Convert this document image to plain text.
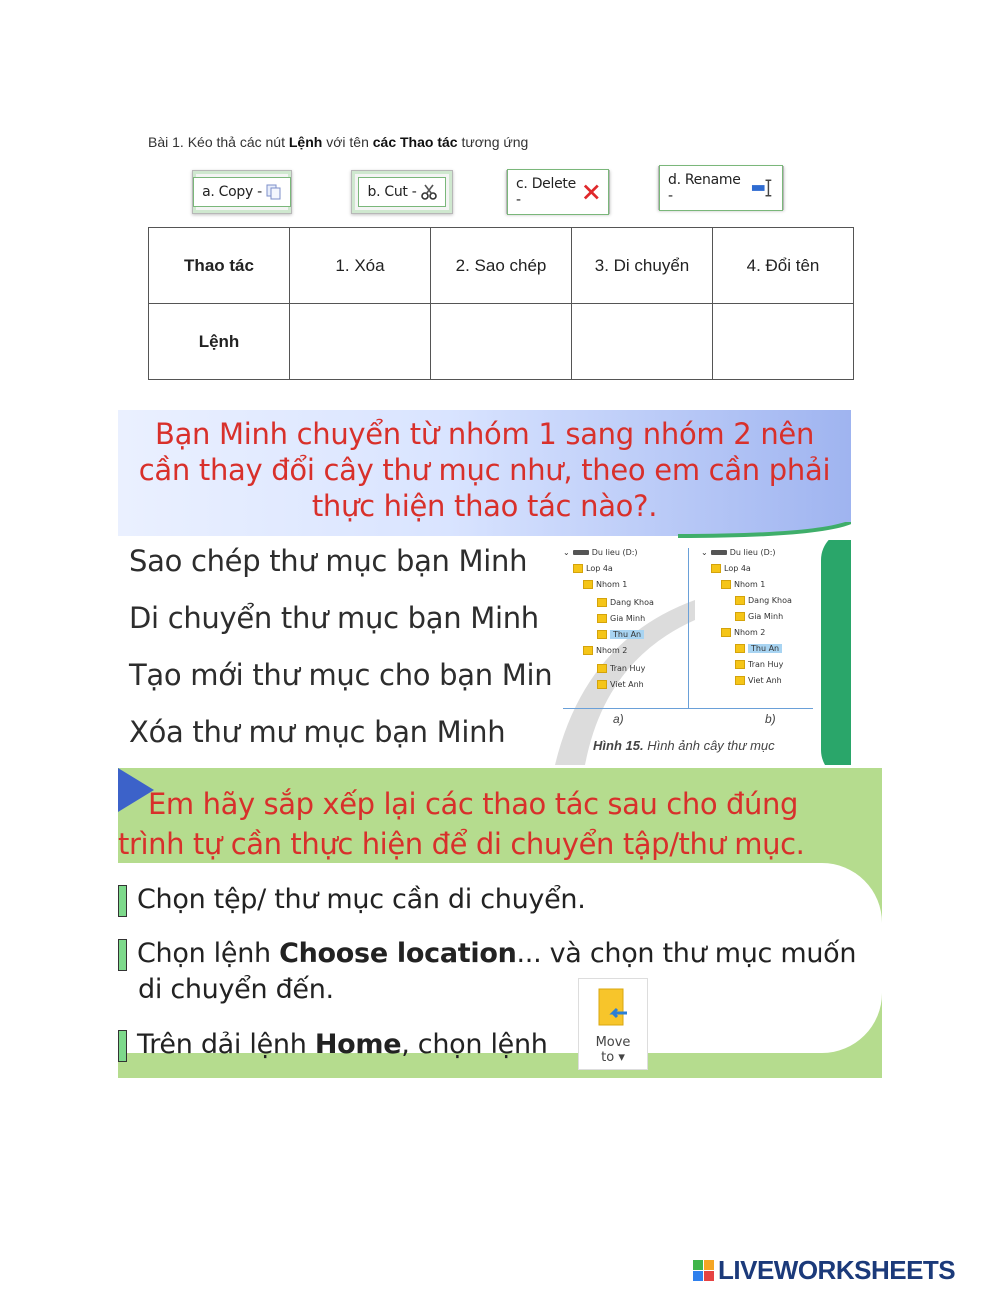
Bài 1. Kéo thả các nút Lệnh với tên các Thao tác tương ứng
a. Copy -	b. Cut -	c. Delete -
d. Rename -
Thao tác	1. Xóa	2. Sao chép	3. Di chuyển	4. Đổi tên
Lệnh				
Bạn Minh chuyển từ nhóm 1 sang nhóm 2 nên
cần thay đổi cây thư mục như, theo em cần phải
thực hiện thao tác nào?.
Sao chép thư mục bạn Minh
Di chuyển thư mục bạn Minh
Tạo mới thư mục cho bạn Min
Xóa thư mư mục bạn Minh
⌄	Du lieu (D:)
Lop 4a
Nhom 1
Dang Khoa
Gia Minh
Thu An
Nhom 2
Tran Huy
Viet Anh
⌄	Du lieu (D:)
Lop 4a
Nhom 1
Dang Khoa
Gia Minh
Nhom 2
Thu An
Tran Huy
Viet Anh
a)	b)
Hình 15. Hình ảnh cây thư mục
Em hãy sắp xếp lại các thao tác sau cho đúng
trình tự cần thực hiện để di chuyển tập/thư mục.
Chọn tệp/ thư mục cần di chuyển.
Chọn lệnh Choose location... và chọn thư mục muốn
di chuyển đến.
Trên dải lệnh Home, chọn lệnh	Move
to ▾
LIVEWORKSHEETS
